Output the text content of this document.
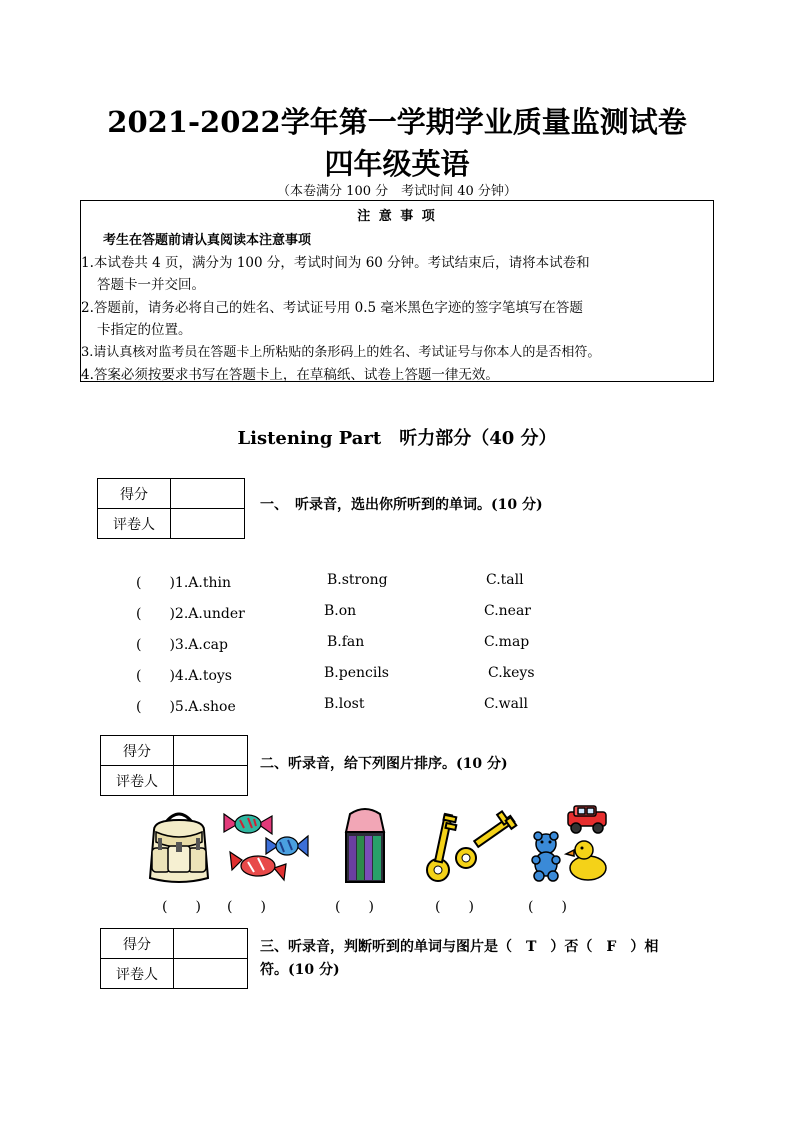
2021-2022学年第一学期学业质量监测试卷
四年级英语
（本卷满分 100 分　考试时间 40 分钟）
注 意 事 项
考生在答题前请认真阅读本注意事项
1.本试卷共 4 页，满分为 100 分，考试时间为 60 分钟。考试结束后，请将本试卷和
答题卡一并交回。
2.答题前，请务必将自己的姓名、考试证号用 0.5 毫米黑色字迹的签字笔填写在答题
卡指定的位置。
3.请认真核对监考员在答题卡上所粘贴的条形码上的姓名、考试证号与你本人的是否相符。
4.答案必须按要求书写在答题卡上，在草稿纸、试卷上答题一律无效。
Listening Part　听力部分（40 分）
得分	
评卷人	
一、　听录音，选出你所听到的单词。(10 分)
(　　)1.A.thin	B.strong	C.tall
(　　)2.A.under	B.on	C.near
(　　)3.A.cap	B.fan	C.map
(　　)4.A.toys	B.pencils	C.keys
(　　)5.A.shoe	B.lost	C.wall
得分	
评卷人	
二、听录音，给下列图片排序。(10 分)
(　　) (　　)	(　　)	(　　)	(　　)
得分	
评卷人	
三、听录音，判断听到的单词与图片是（　T　）否（　F　）相
符。(10 分)
